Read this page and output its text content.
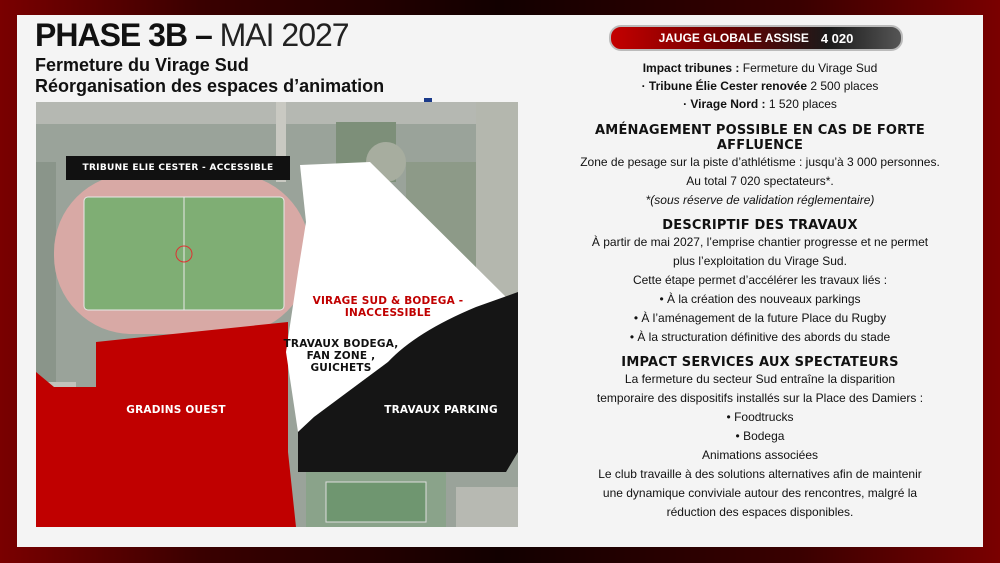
PHASE 3B – MAI 2027
Fermeture du Virage Sud
Réorganisation des espaces d’animation
JAUGE GLOBALE ASSISE 4 020
TRIBUNE ELIE CESTER - ACCESSIBLE
VIRAGE SUD & BODEGA -
INACCESSIBLE
TRAVAUX BODEGA,
FAN ZONE ,
GUICHETS
GRADINS OUEST	TRAVAUX PARKING
Impact tribunes : Fermeture du Virage Sud
· Tribune Élie Cester renovée 2 500 places
· Virage Nord : 1 520 places
AMÉNAGEMENT POSSIBLE EN CAS DE FORTE AFFLUENCE
Zone de pesage sur la piste d’athlétisme : jusqu’à 3 000 personnes.
Au total 7 020 spectateurs*.
*(sous réserve de validation réglementaire)
DESCRIPTIF DES TRAVAUX
À partir de mai 2027, l’emprise chantier progresse et ne permet
plus l’exploitation du Virage Sud.
Cette étape permet d’accélérer les travaux liés :
• À la création des nouveaux parkings
• À l’aménagement de la future Place du Rugby
• À la structuration définitive des abords du stade
IMPACT SERVICES AUX SPECTATEURS
La fermeture du secteur Sud entraîne la disparition
temporaire des dispositifs installés sur la Place des Damiers :
• Foodtrucks
• Bodega
Animations associées
Le club travaille à des solutions alternatives afin de maintenir
une dynamique conviviale autour des rencontres, malgré la
réduction des espaces disponibles.
